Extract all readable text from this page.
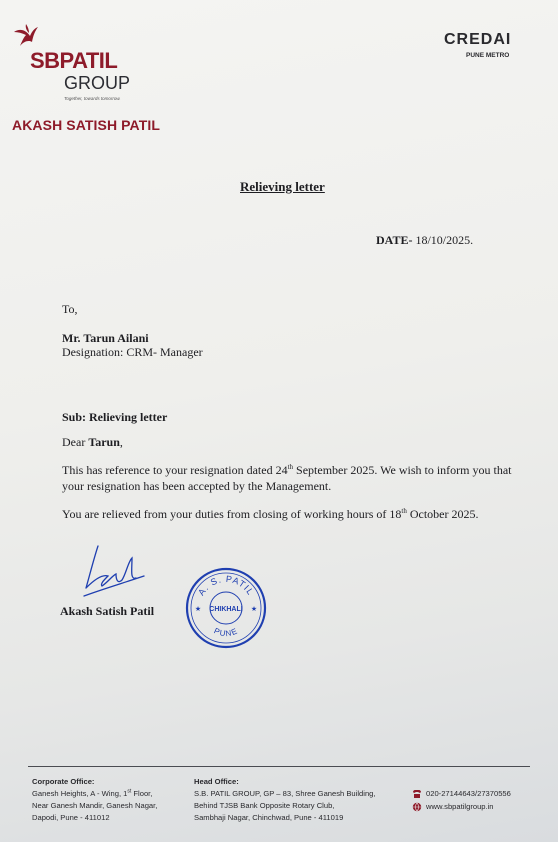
SBPATIL
GROUP
Together, towards tomorrow.
AKASH SATISH PATIL
CREDAI
PUNE METRO
Relieving letter
DATE- 18/10/2025.
To,
Mr. Tarun Ailani
Designation: CRM- Manager
Sub: Relieving letter
Dear Tarun,
This has reference to your resignation dated 24th September 2025. We wish to inform you that
your resignation has been accepted by the Management.
You are relieved from your duties from closing of working hours of 18th October 2025.
Akash Satish Patil
A. S. PATIL
PUNE
CHIKHALI
★	★
Corporate Office:
Ganesh Heights, A - Wing, 1st Floor,
Near Ganesh Mandir, Ganesh Nagar,
Dapodi, Pune - 411012
Head Office:
S.B. PATIL GROUP, GP – 83, Shree Ganesh Building,
Behind TJSB Bank Opposite Rotary Club,
Sambhaji Nagar, Chinchwad, Pune - 411019
020-27144643/27370556
www.sbpatilgroup.in
